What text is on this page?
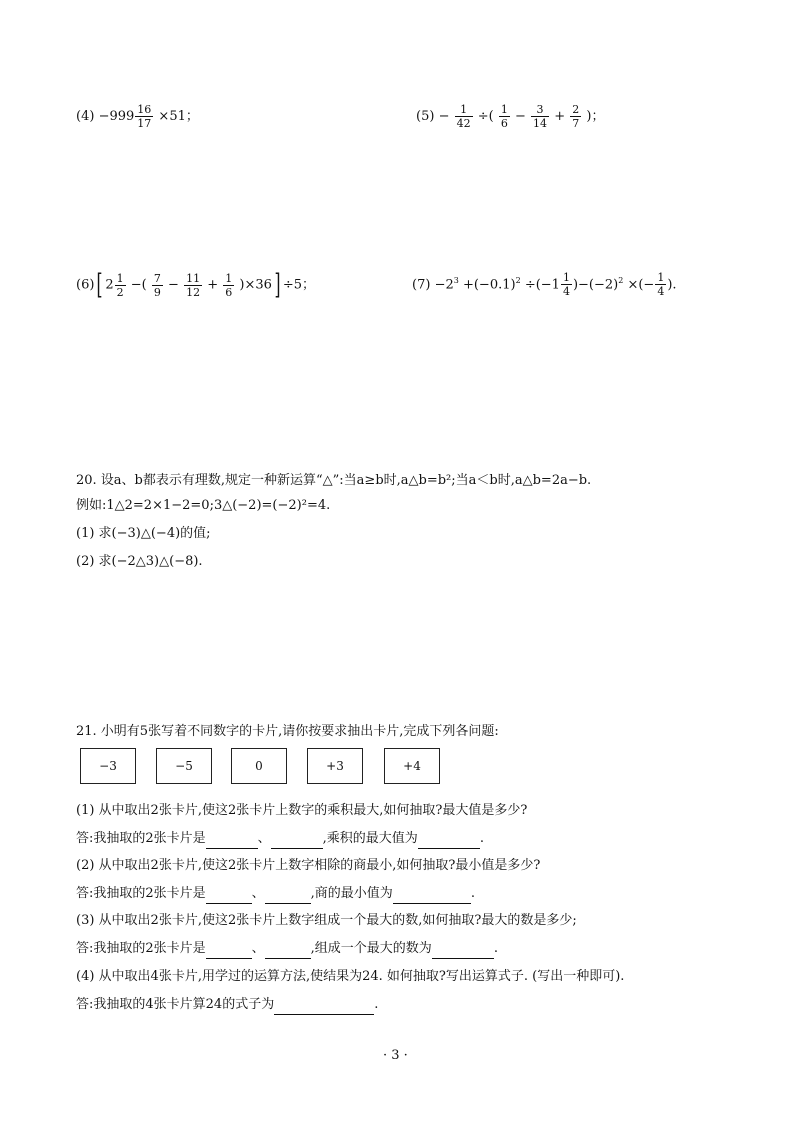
$(4) -999 \frac{16}{17} \times 51$；	$(5) - \frac{1}{42}$ ÷( $\frac{1}{6} - \frac{3}{14} + \frac{2}{7}$ )；
(6)[ $2 \frac{1}{2}$ −( $\frac{7}{9} - \frac{11}{12} + \frac{1}{6} )\times 36] \div 5$；	$(7) -2^3 +(-0.1)^2 \div(-1 \frac{1}{4} )-(-2)^2$ ×(− $\frac{1}{4}$ ).
20. 设a、b都表示有理数,规定一种新运算“△”:当a≥b时,a△b=b²;当a＜b时,a△b=2a−b.
例如:1△2=2×1−2=0;3△(−2)=(−2)²=4.
(1) 求(−3)△(−4)的值;
(2) 求(−2△3)△(−8).
21. 小明有5张写着不同数字的卡片,请你按要求抽出卡片,完成下列各问题:
−3	−5	0	+3	+4
(1) 从中取出2张卡片,使这2张卡片上数字的乘积最大,如何抽取?最大值是多少?
答:我抽取的2张卡片是	、	,乘积的最大值为	.
(2) 从中取出2张卡片,使这2张卡片上数字相除的商最小,如何抽取?最小值是多少?
答:我抽取的2张卡片是	、	,商的最小值为	.
(3) 从中取出2张卡片,使这2张卡片上数字组成一个最大的数,如何抽取?最大的数是多少;
答:我抽取的2张卡片是	、	,组成一个最大的数为	.
(4) 从中取出4张卡片,用学过的运算方法,使结果为24. 如何抽取?写出运算式子. (写出一种即可).
答:我抽取的4张卡片算24的式子为	.
· 3 ·
